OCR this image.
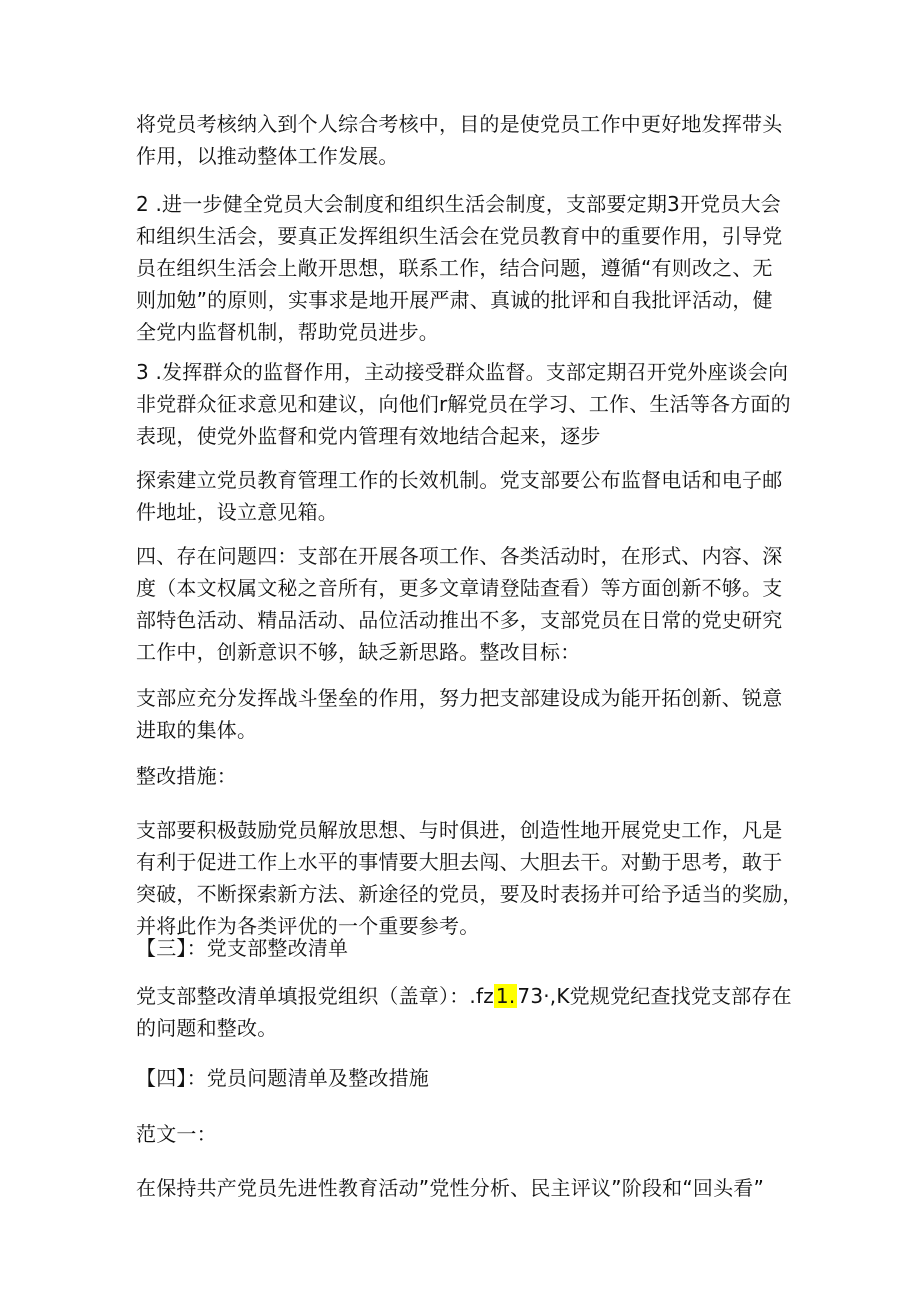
将党员考核纳入到个人综合考核中，目的是使党员工作中更好地发挥带头
作用，以推动整体工作发展。
2 .进一步健全党员大会制度和组织生活会制度，支部要定期3开党员大会
和组织生活会，要真正发挥组织生活会在党员教育中的重要作用，引导党
员在组织生活会上敞开思想，联系工作，结合问题，遵循“有则改之、无
则加勉”的原则，实事求是地开展严肃、真诚的批评和自我批评活动，健
全党内监督机制，帮助党员进步。
3 .发挥群众的监督作用，主动接受群众监督。支部定期召开党外座谈会向
非党群众征求意见和建议，向他们r解党员在学习、工作、生活等各方面的
表现，使党外监督和党内管理有效地结合起来，逐步
探索建立党员教育管理工作的长效机制。党支部要公布监督电话和电子邮
件地址，设立意见箱。
四、存在问题四：支部在开展各项工作、各类活动时，在形式、内容、深
度（本文权属文秘之音所有，更多文章请登陆查看）等方面创新不够。支
部特色活动、精品活动、品位活动推出不多，支部党员在日常的党史研究
工作中，创新意识不够，缺乏新思路。整改目标：
支部应充分发挥战斗堡垒的作用，努力把支部建设成为能开拓创新、锐意
进取的集体。
整改措施：
支部要积极鼓励党员解放思想、与时俱进，创造性地开展党史工作，凡是
有利于促进工作上水平的事情要大胆去闯、大胆去干。对勤于思考，敢于
突破，不断探索新方法、新途径的党员，要及时表扬并可给予适当的奖励，
并将此作为各类评优的一个重要参考。
【三】：党支部整改清单
党支部整改清单填报党组织（盖章）：.fz 1. 73·,K党规党纪查找党支部存在
的问题和整改。
【四】：党员问题清单及整改措施
范文一：
在保持共产党员先进性教育活动”党性分析、民主评议”阶段和“回头看”
